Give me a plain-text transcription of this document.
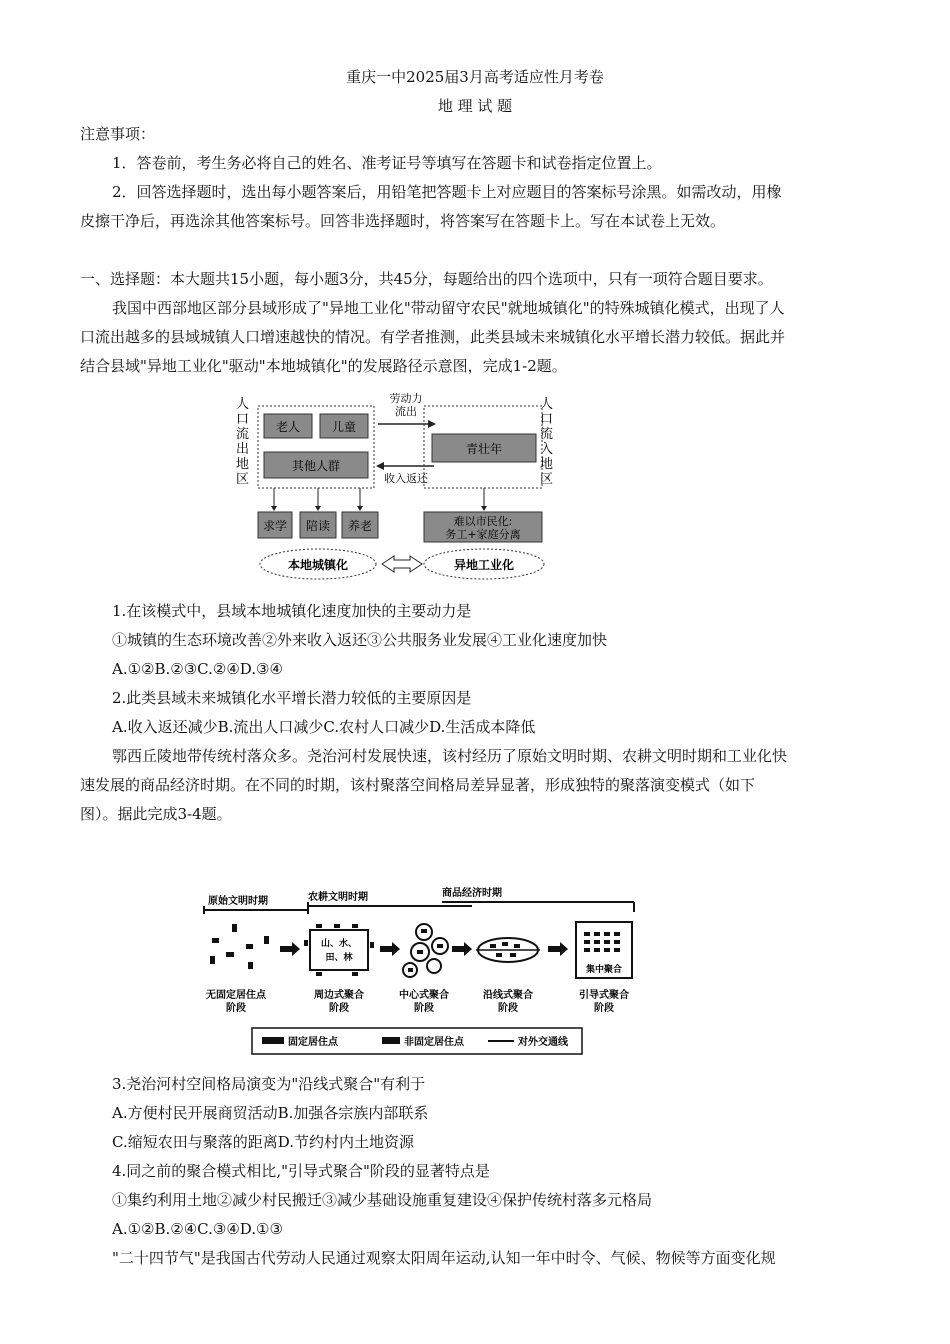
重庆一中2025届3月高考适应性月考卷
地 理 试 题
注意事项：
1．答卷前，考生务必将自己的姓名、准考证号等填写在答题卡和试卷指定位置上。
2．回答选择题时，选出每小题答案后，用铅笔把答题卡上对应题目的答案标号涂黑。如需改动，用橡
皮擦干净后，再选涂其他答案标号。回答非选择题时，将答案写在答题卡上。写在本试卷上无效。
一、选择题：本大题共15小题，每小题3分，共45分，每题给出的四个选项中，只有一项符合题目要求。
我国中西部地区部分县域形成了"异地工业化"带动留守农民"就地城镇化"的特殊城镇化模式，出现了人
口流出越多的县域城镇人口增速越快的情况。有学者推测，此类县域未来城镇化水平增长潜力较低。据此并
结合县域"异地工业化"驱动"本地城镇化"的发展路径示意图，完成1-2题。
人口流出地区
人口流入地区
老人	儿童
其他人群
劳动力
流出
收入返还
青壮年
求学 陪读 养老	难以市民化:
务工+家庭分离
本地城镇化	异地工业化
1.在该模式中，县域本地城镇化速度加快的主要动力是
①城镇的生态环境改善②外来收入返还③公共服务业发展④工业化速度加快
A.①②B.②③C.②④D.③④
2.此类县域未来城镇化水平增长潜力较低的主要原因是
A.收入返还减少B.流出人口减少C.农村人口减少D.生活成本降低
鄂西丘陵地带传统村落众多。尧治河村发展快速，该村经历了原始文明时期、农耕文明时期和工业化快
速发展的商品经济时期。在不同的时期，该村聚落空间格局差异显著，形成独特的聚落演变模式（如下
图）。据此完成3-4题。
原始文明时期	农耕文明时期	商品经济时期
山、水、
田、林
集中聚合
无固定居住点
阶段
周边式聚合
阶段
中心式聚合
阶段
沿线式聚合
阶段
引导式聚合
阶段
固定居住点	非固定居住点	对外交通线
3.尧治河村空间格局演变为"沿线式聚合"有利于
A.方便村民开展商贸活动B.加强各宗族内部联系
C.缩短农田与聚落的距离D.节约村内土地资源
4.同之前的聚合模式相比,"引导式聚合"阶段的显著特点是
①集约利用土地②减少村民搬迁③减少基础设施重复建设④保护传统村落多元格局
A.①②B.②④C.③④D.①③
"二十四节气"是我国古代劳动人民通过观察太阳周年运动,认知一年中时令、气候、物候等方面变化规
